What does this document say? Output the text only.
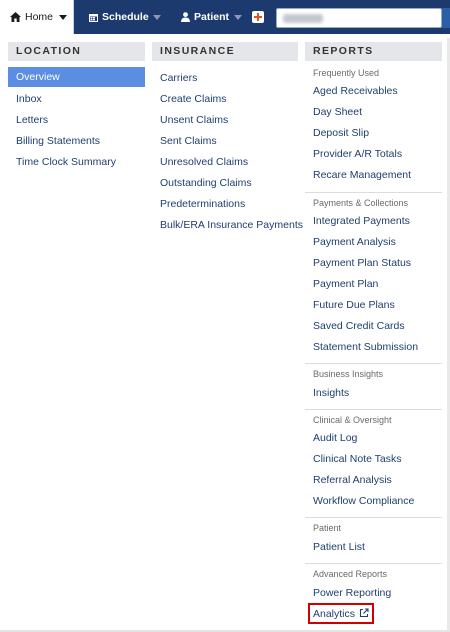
Home	Schedule	Patient
LOCATION
Overview
Inbox
Letters
Billing Statements
Time Clock Summary
INSURANCE
Carriers
Create Claims
Unsent Claims
Sent Claims
Unresolved Claims
Outstanding Claims
Predeterminations
Bulk/ERA Insurance Payments
REPORTS
Frequently Used
Aged Receivables
Day Sheet
Deposit Slip
Provider A/R Totals
Recare Management
Payments & Collections
Integrated Payments
Payment Analysis
Payment Plan Status
Payment Plan
Future Due Plans
Saved Credit Cards
Statement Submission
Business Insights
Insights
Clinical & Oversight
Audit Log
Clinical Note Tasks
Referral Analysis
Workflow Compliance
Patient
Patient List
Advanced Reports
Power Reporting
Analytics
